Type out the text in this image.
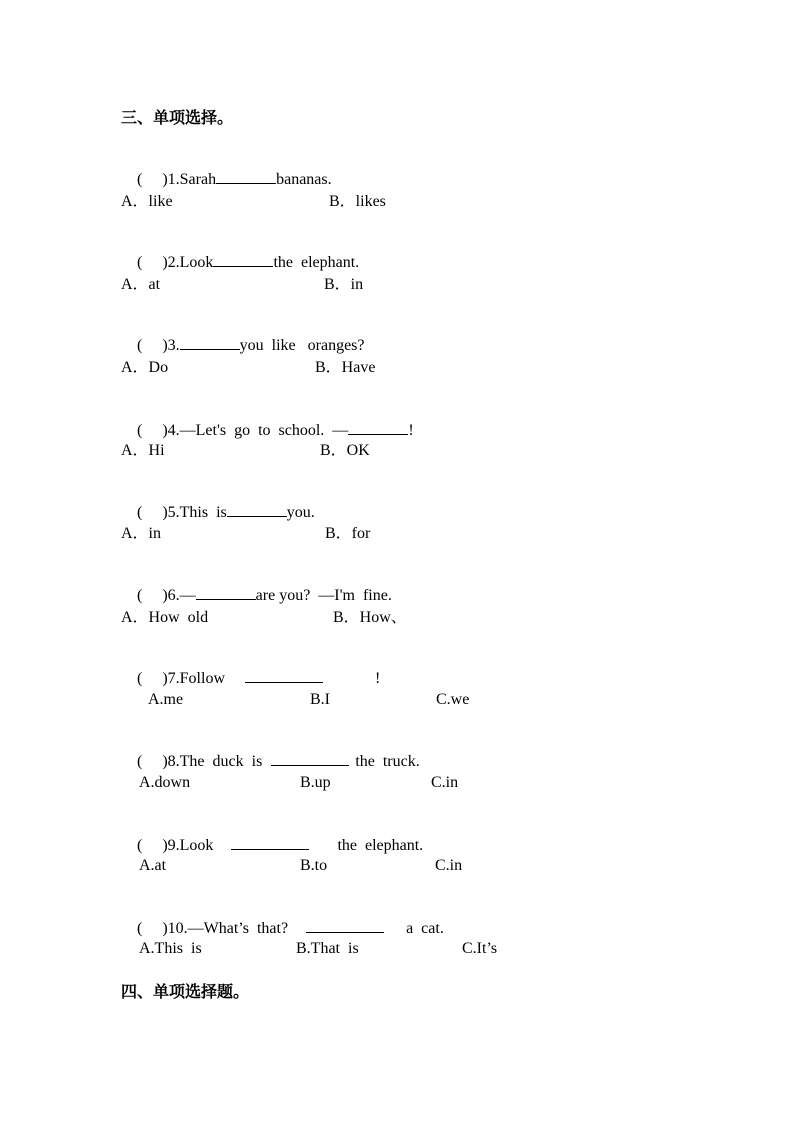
三、单项选择。

( )1.Sarah	bananas.

A．like	B．likes

( )2.Look	the  elephant.

A．at	B．in

( )3.	you  like   oranges?

A．Do	B．Have

( )4.—Let's  go  to  school.  —	!

A．Hi	B．OK

( )5.This  is	you.

A．in	B．for

( )6.—	are you?  —I'm  fine.

A．How  old	B．How、

( )7.Follow	!

A.me	B.I	C.we

( )8.The  duck  is	the  truck.

A.down	B.up	C.in

( )9.Look	the  elephant.

A.at	B.to	C.in

( )10.—What’s  that?	a  cat.

A.This  is	B.That  is	C.It’s
四、单项选择题。
